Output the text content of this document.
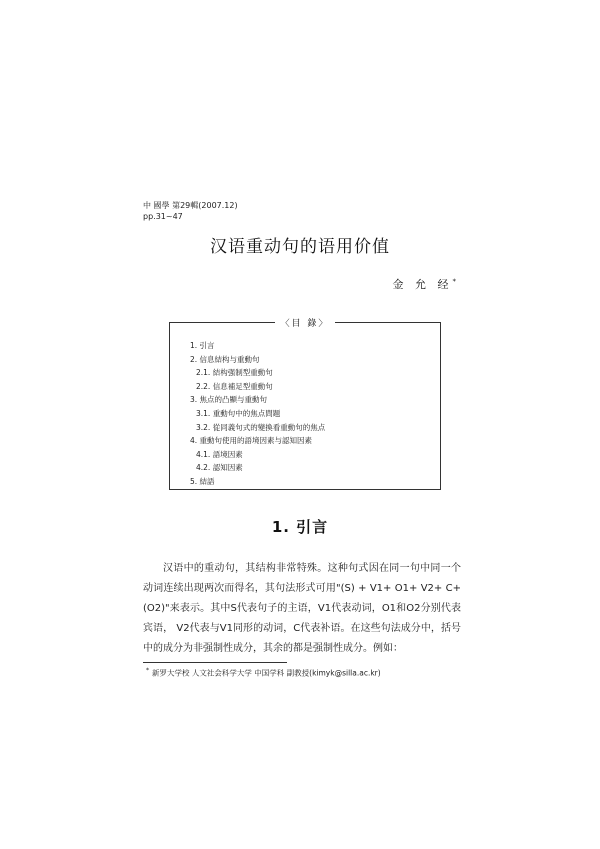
中 國學 第29輯(2007.12)
pp.31~47
汉语重动句的语用价值
金 允 经*
〈目 錄〉
1. 引言
2. 信息結构与重動句
2.1. 結构强制型重動句
2.2. 信息補足型重動句
3. 焦点的凸顯与重動句
3.1. 重動句中的焦点問題
3.2. 從同義句式的變換看重動句的焦点
4. 重動句使用的語境因素与認知因素
4.1. 語境因素
4.2. 認知因素
5. 結語
1. 引言

汉语中的重动句，其结构非常特殊。这种句式因在同一句中同一个动词连续出现两次而得名，其句法形式可用"(S) + V1+ O1+ V2+ C+ (O2)"来表示。其中S代表句子的主语，V1代表动词，O1和O2分别代表宾语， V2代表与V1同形的动词，C代表补语。在这些句法成分中，括号中的成分为非强制性成分，其余的都是强制性成分。例如：

* 新罗大学校 人文社会科学大学 中国学科 副教授(kimyk@silla.ac.kr)
